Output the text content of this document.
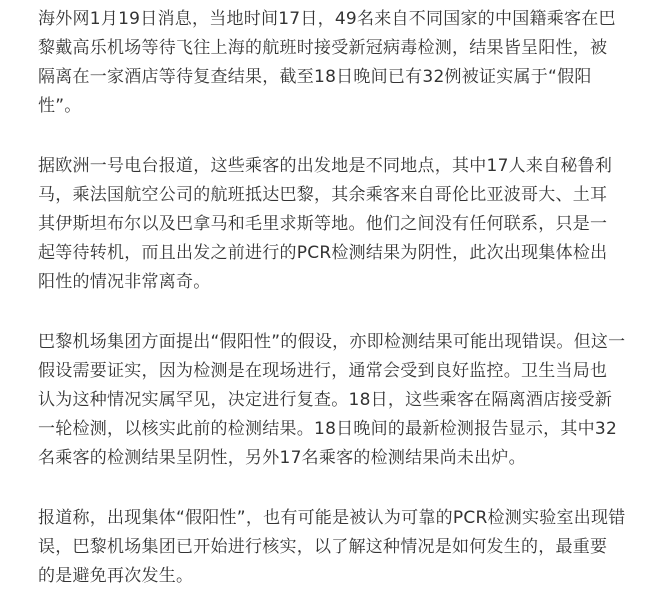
海外网1月19日消息，当地时间17日，49名来自不同国家的中国籍乘客在巴
黎戴高乐机场等待飞往上海的航班时接受新冠病毒检测，结果皆呈阳性，被
隔离在一家酒店等待复查结果，截至18日晚间已有32例被证实属于“假阳
性”。
据欧洲一号电台报道，这些乘客的出发地是不同地点，其中17人来自秘鲁利
马，乘法国航空公司的航班抵达巴黎，其余乘客来自哥伦比亚波哥大、土耳
其伊斯坦布尔以及巴拿马和毛里求斯等地。他们之间没有任何联系，只是一
起等待转机，而且出发之前进行的PCR检测结果为阴性，此次出现集体检出
阳性的情况非常离奇。
巴黎机场集团方面提出“假阳性”的假设，亦即检测结果可能出现错误。但这一
假设需要证实，因为检测是在现场进行，通常会受到良好监控。卫生当局也
认为这种情况实属罕见，决定进行复查。18日，这些乘客在隔离酒店接受新
一轮检测，以核实此前的检测结果。18日晚间的最新检测报告显示，其中32
名乘客的检测结果呈阴性，另外17名乘客的检测结果尚未出炉。
报道称，出现集体“假阳性”，也有可能是被认为可靠的PCR检测实验室出现错
误，巴黎机场集团已开始进行核实，以了解这种情况是如何发生的，最重要
的是避免再次发生。
